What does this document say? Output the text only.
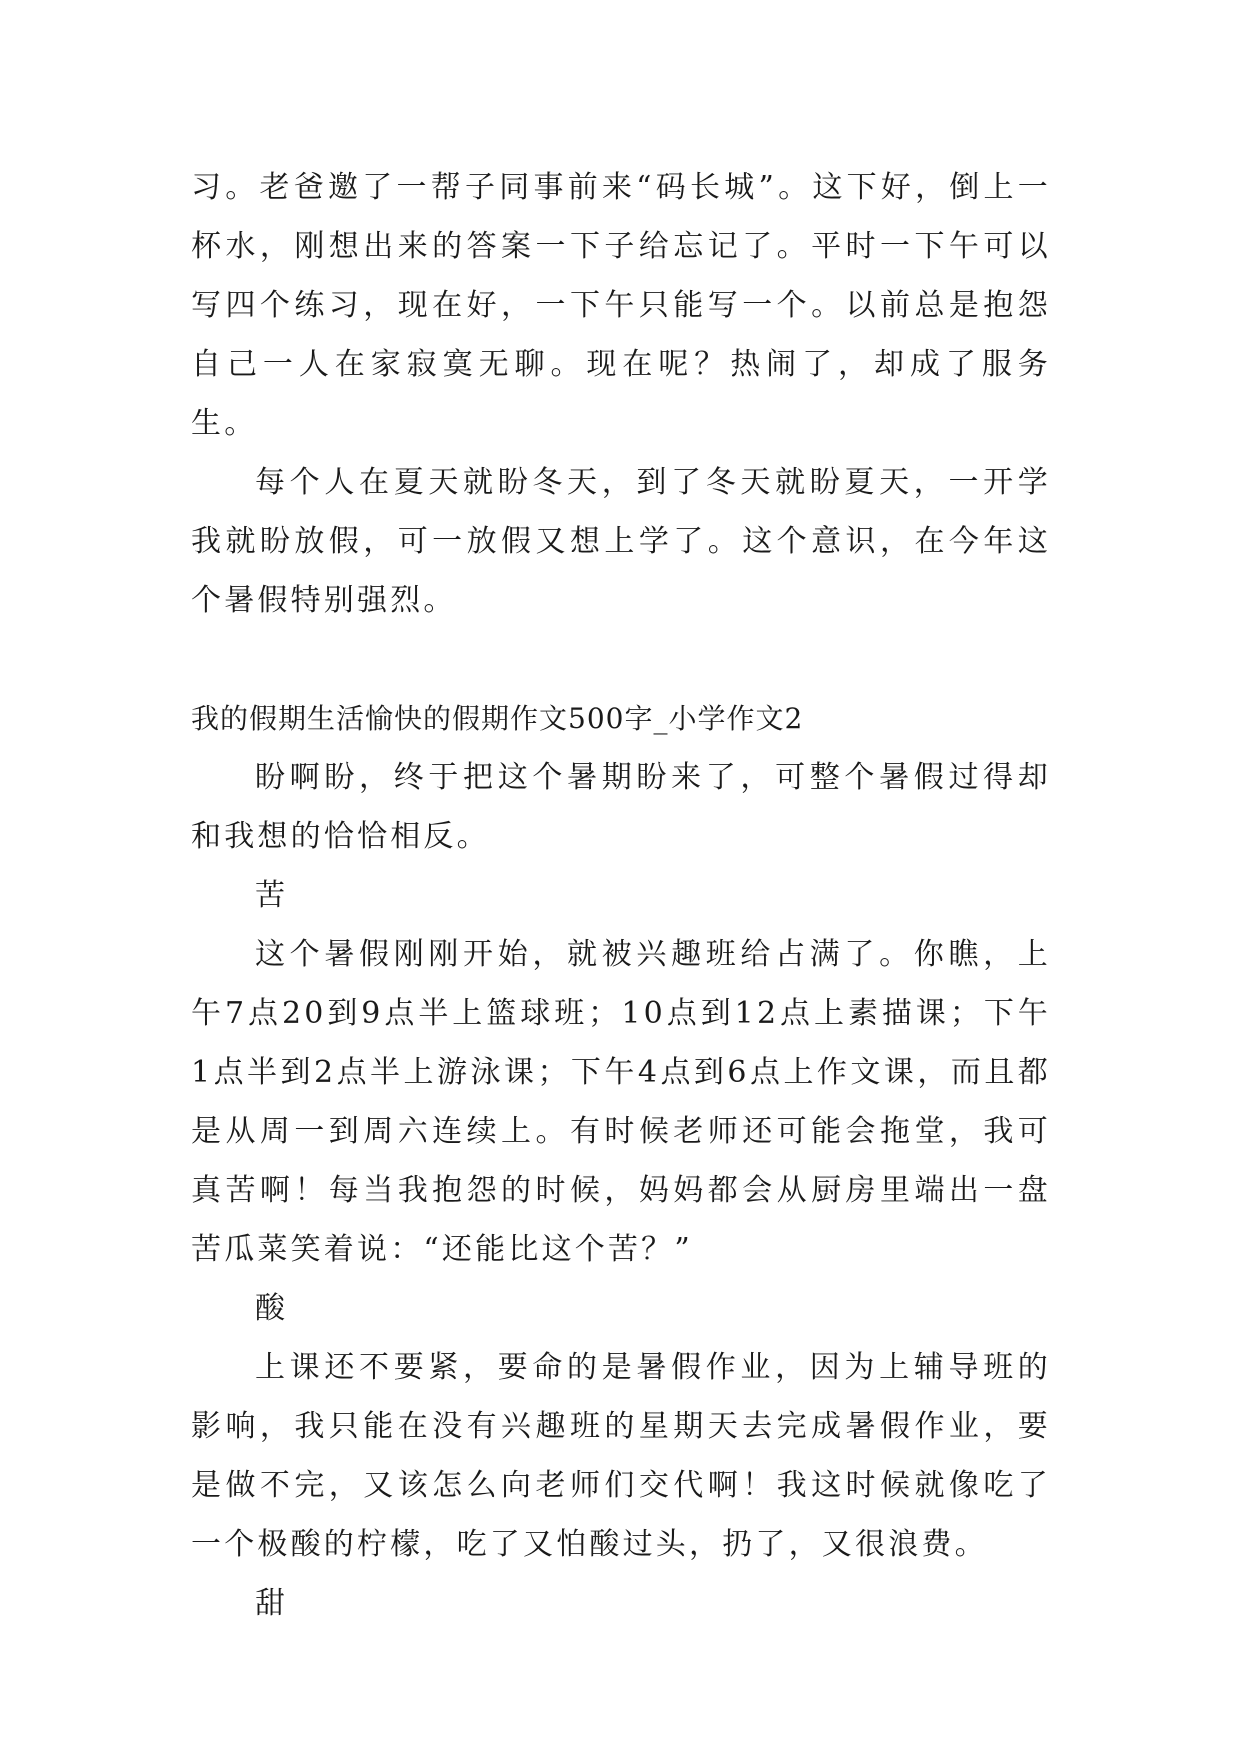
习。老爸邀了一帮子同事前来“码长城”。这下好，倒上一杯水，刚想出来的答案一下子给忘记了。平时一下午可以写四个练习，现在好，一下午只能写一个。以前总是抱怨自己一人在家寂寞无聊。现在呢？热闹了，却成了服务生。

每个人在夏天就盼冬天，到了冬天就盼夏天，一开学我就盼放假，可一放假又想上学了。这个意识，在今年这个暑假特别强烈。

我的假期生活愉快的假期作文500字_小学作文2

盼啊盼，终于把这个暑期盼来了，可整个暑假过得却和我想的恰恰相反。

苦

这个暑假刚刚开始，就被兴趣班给占满了。你瞧，上午7点20到9点半上篮球班；10点到12点上素描课；下午1点半到2点半上游泳课；下午4点到6点上作文课，而且都是从周一到周六连续上。有时候老师还可能会拖堂，我可真苦啊！每当我抱怨的时候，妈妈都会从厨房里端出一盘苦瓜菜笑着说：“还能比这个苦？”

酸

上课还不要紧，要命的是暑假作业，因为上辅导班的影响，我只能在没有兴趣班的星期天去完成暑假作业，要是做不完，又该怎么向老师们交代啊！我这时候就像吃了一个极酸的柠檬，吃了又怕酸过头，扔了，又很浪费。

甜
